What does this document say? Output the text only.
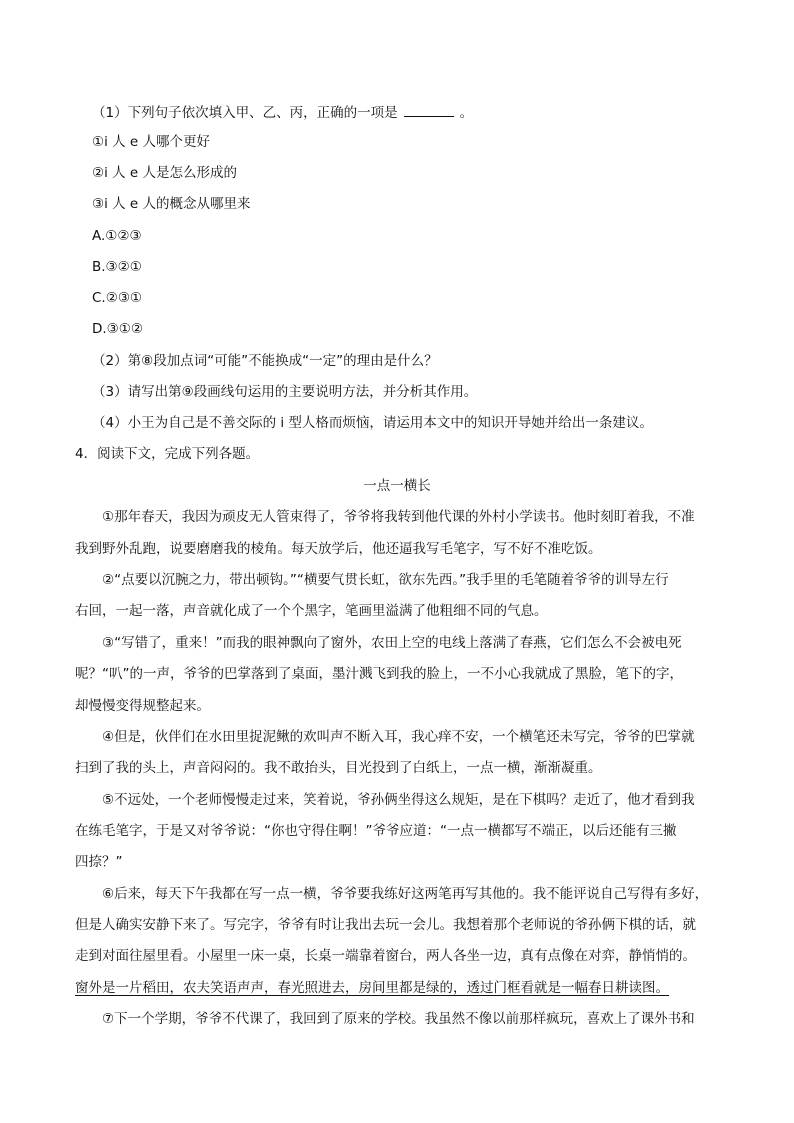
（1）下列句子依次填入甲、乙、丙，正确的一项是	。
①i 人 e 人哪个更好
②i 人 e 人是怎么形成的
③i 人 e 人的概念从哪里来
A.①②③
B.③②①
C.②③①
D.③①②
（2）第⑧段加点词“可能”不能换成“一定”的理由是什么？
（3）请写出第⑨段画线句运用的主要说明方法，并分析其作用。
（4）小王为自己是不善交际的 i 型人格而烦恼，请运用本文中的知识开导她并给出一条建议。
4．阅读下文，完成下列各题。
一点一横长
①那年春天，我因为顽皮无人管束得了，爷爷将我转到他代课的外村小学读书。他时刻盯着我，不准
我到野外乱跑，说要磨磨我的棱角。每天放学后，他还逼我写毛笔字，写不好不准吃饭。
②“点要以沉腕之力，带出顿钩。”“横要气贯长虹，欲东先西。”我手里的毛笔随着爷爷的训导左行
右回，一起一落，声音就化成了一个个黑字，笔画里溢满了他粗细不同的气息。
③“写错了，重来！”而我的眼神飘向了窗外，农田上空的电线上落满了春燕，它们怎么不会被电死
呢？“叭”的一声，爷爷的巴掌落到了桌面，墨汁溅飞到我的脸上，一不小心我就成了黑脸，笔下的字，
却慢慢变得规整起来。
④但是，伙伴们在水田里捉泥鳅的欢叫声不断入耳，我心痒不安，一个横笔还未写完，爷爷的巴掌就
扫到了我的头上，声音闷闷的。我不敢抬头，目光投到了白纸上，一点一横，渐渐凝重。
⑤不远处，一个老师慢慢走过来，笑着说，爷孙俩坐得这么规矩，是在下棋吗？走近了，他才看到我
在练毛笔字，于是又对爷爷说：“你也守得住啊！”爷爷应道：“一点一横都写不端正，以后还能有三撇
四捺？”
⑥后来，每天下午我都在写一点一横，爷爷要我练好这两笔再写其他的。我不能评说自己写得有多好，
但是人确实安静下来了。写完字，爷爷有时让我出去玩一会儿。我想着那个老师说的爷孙俩下棋的话，就
走到对面往屋里看。小屋里一床一桌，长桌一端靠着窗台，两人各坐一边，真有点像在对弈，静悄悄的。
窗外是一片稻田，农夫笑语声声，春光照进去，房间里都是绿的，透过门框看就是一幅春日耕读图。
⑦下一个学期，爷爷不代课了，我回到了原来的学校。我虽然不像以前那样疯玩，喜欢上了课外书和
